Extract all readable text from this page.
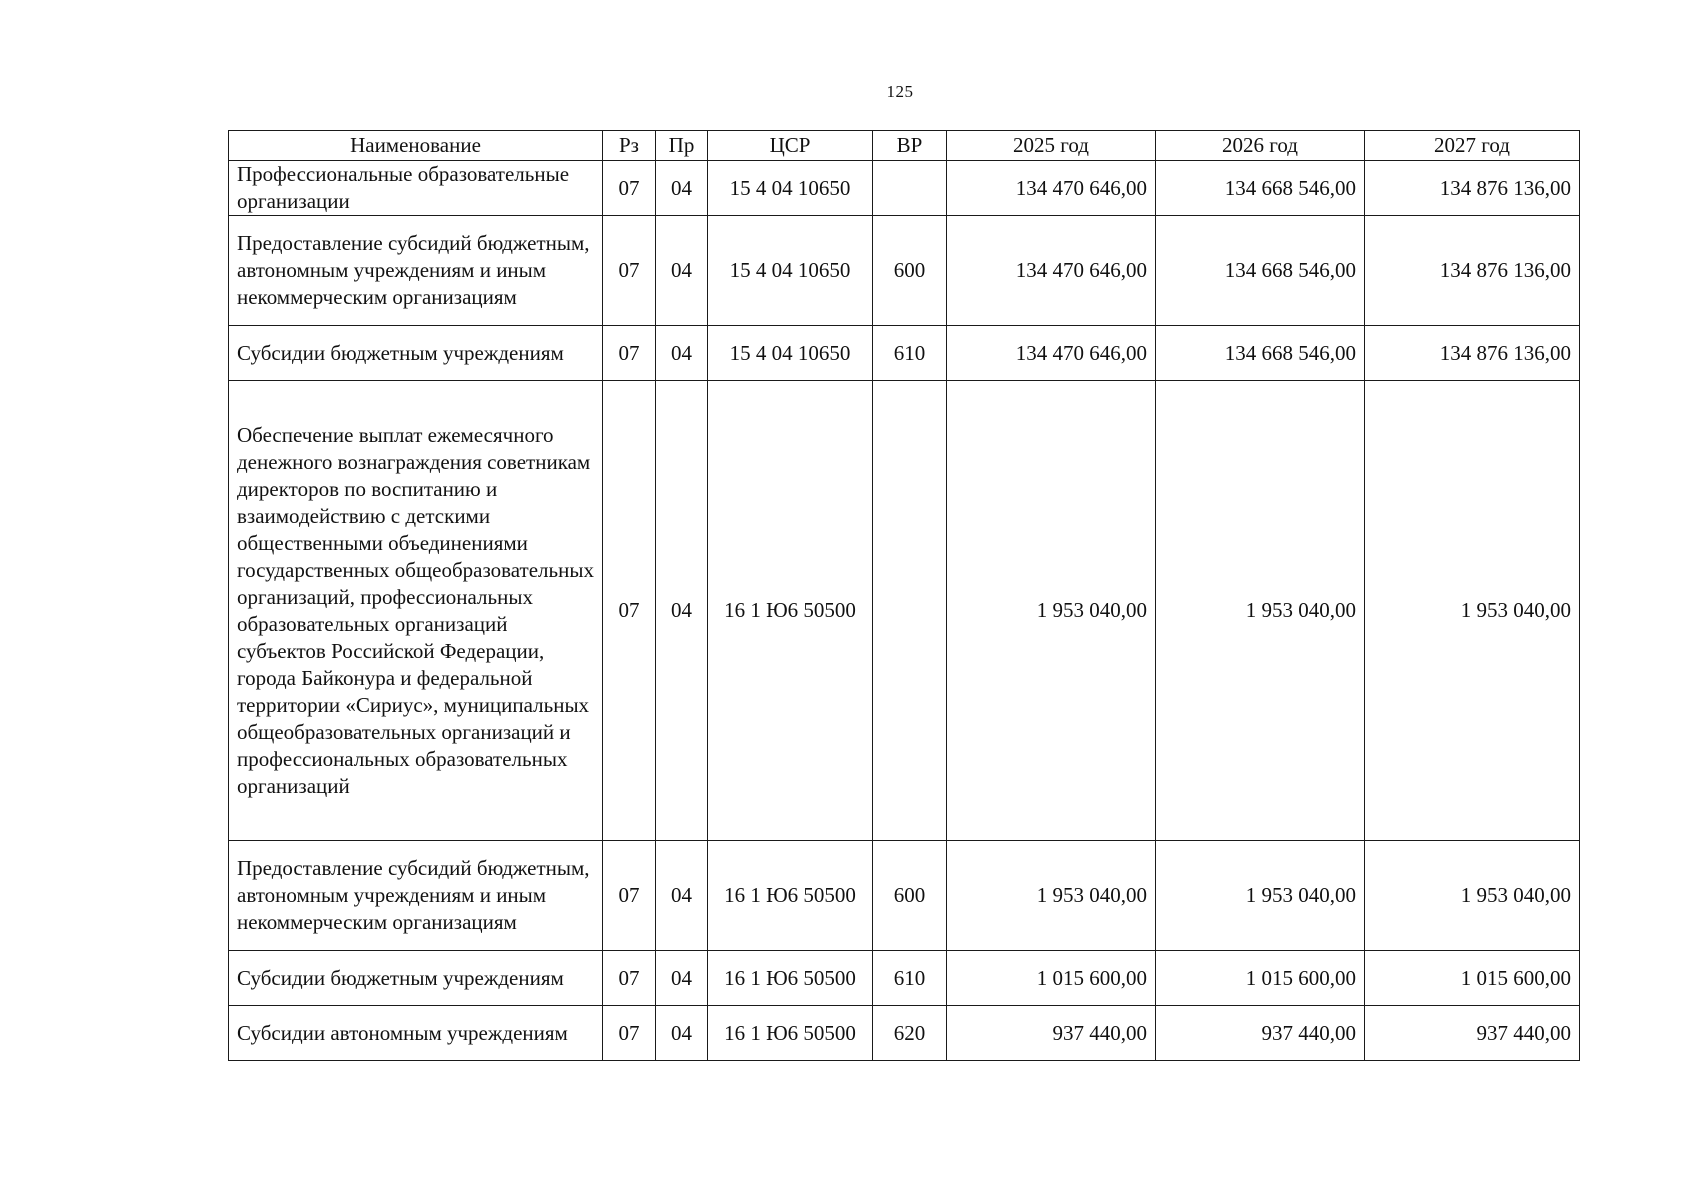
125
Наименование	Рз	Пр	ЦСР	ВР	2025 год	2026 год	2027 год
Профессиональные образовательные организации	07	04	15 4 04 10650		134 470 646,00	134 668 546,00	134 876 136,00
Предоставление субсидий бюджетным, автономным учреждениям и иным некоммерческим организациям	07	04	15 4 04 10650	600	134 470 646,00	134 668 546,00	134 876 136,00
Субсидии бюджетным учреждениям	07	04	15 4 04 10650	610	134 470 646,00	134 668 546,00	134 876 136,00
Обеспечение выплат ежемесячного денежного вознаграждения советникам директоров по воспитанию и взаимодействию с детскими общественными объединениями государственных общеобразовательных организаций, профессиональных образовательных организаций субъектов Российской Федерации, города Байконура и федеральной территории «Сириус», муниципальных общеобразовательных организаций и профессиональных образовательных организаций	07	04	16 1 Ю6 50500		1 953 040,00	1 953 040,00	1 953 040,00
Предоставление субсидий бюджетным, автономным учреждениям и иным некоммерческим организациям	07	04	16 1 Ю6 50500	600	1 953 040,00	1 953 040,00	1 953 040,00
Субсидии бюджетным учреждениям	07	04	16 1 Ю6 50500	610	1 015 600,00	1 015 600,00	1 015 600,00
Субсидии автономным учреждениям	07	04	16 1 Ю6 50500	620	937 440,00	937 440,00	937 440,00
